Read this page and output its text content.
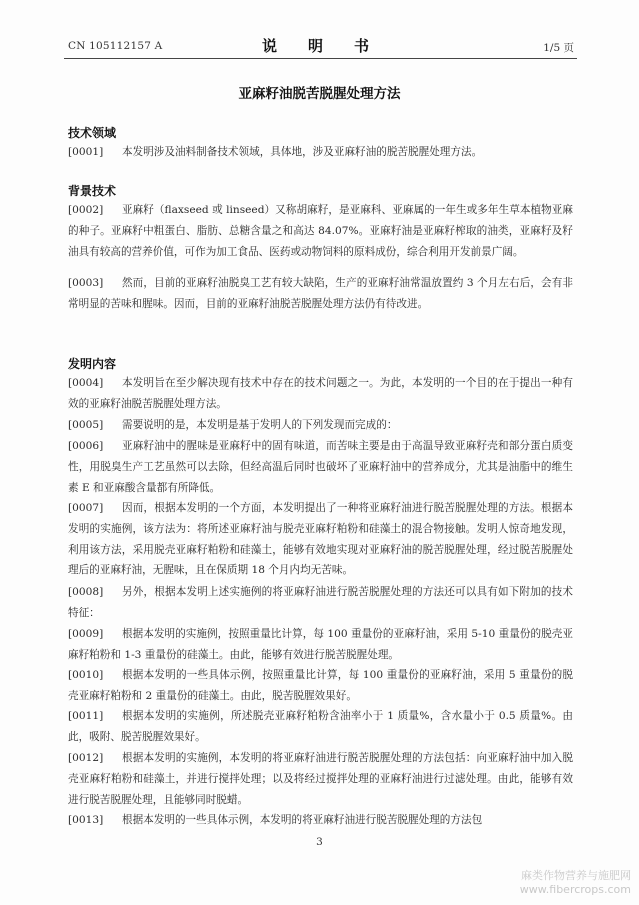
CN 105112157 A	说　明　书	1/5 页
亚麻籽油脱苦脱腥处理方法
技术领域
[0001]	本发明涉及油料制备技术领域，具体地，涉及亚麻籽油的脱苦脱腥处理方法。
背景技术
[0002]	亚麻籽（flaxseed 或 linseed）又称胡麻籽，是亚麻科、亚麻属的一年生或多年生草本植物亚麻的种子。亚麻籽中粗蛋白、脂肪、总糖含量之和高达 84.07%。亚麻籽油是亚麻籽榨取的油类，亚麻籽及籽油具有较高的营养价值，可作为加工食品、医药或动物饲料的原料成份，综合利用开发前景广阔。
[0003]	然而，目前的亚麻籽油脱臭工艺有较大缺陷，生产的亚麻籽油常温放置约 3 个月左右后，会有非常明显的苦味和腥味。因而，目前的亚麻籽油脱苦脱腥处理方法仍有待改进。
发明内容
[0004]	本发明旨在至少解决现有技术中存在的技术问题之一。为此，本发明的一个目的在于提出一种有效的亚麻籽油脱苦脱腥处理方法。
[0005]	需要说明的是，本发明是基于发明人的下列发现而完成的：
[0006]	亚麻籽油中的腥味是亚麻籽中的固有味道，而苦味主要是由于高温导致亚麻籽壳和部分蛋白质变性，用脱臭生产工艺虽然可以去除，但经高温后同时也破坏了亚麻籽油中的营养成分，尤其是油脂中的维生素 E 和亚麻酸含量都有所降低。
[0007]	因而，根据本发明的一个方面，本发明提出了一种将亚麻籽油进行脱苦脱腥处理的方法。根据本发明的实施例，该方法为：将所述亚麻籽油与脱壳亚麻籽粕粉和硅藻土的混合物接触。发明人惊奇地发现，利用该方法，采用脱壳亚麻籽粕粉和硅藻土，能够有效地实现对亚麻籽油的脱苦脱腥处理，经过脱苦脱腥处理后的亚麻籽油，无腥味，且在保质期 18 个月内均无苦味。
[0008]	另外，根据本发明上述实施例的将亚麻籽油进行脱苦脱腥处理的方法还可以具有如下附加的技术特征：
[0009]	根据本发明的实施例，按照重量比计算，每 100 重量份的亚麻籽油，采用 5-10 重量份的脱壳亚麻籽粕粉和 1-3 重量份的硅藻土。由此，能够有效进行脱苦脱腥处理。
[0010]	根据本发明的一些具体示例，按照重量比计算，每 100 重量份的亚麻籽油，采用 5 重量份的脱壳亚麻籽粕粉和 2 重量份的硅藻土。由此，脱苦脱腥效果好。
[0011]	根据本发明的实施例，所述脱壳亚麻籽粕粉含油率小于 1 质量%，含水量小于 0.5 质量%。由此，吸附、脱苦脱腥效果好。
[0012]	根据本发明的实施例，本发明的将亚麻籽油进行脱苦脱腥处理的方法包括：向亚麻籽油中加入脱壳亚麻籽粕粉和硅藻土，并进行搅拌处理；以及将经过搅拌处理的亚麻籽油进行过滤处理。由此，能够有效进行脱苦脱腥处理，且能够同时脱蜡。
[0013]	根据本发明的一些具体示例，本发明的将亚麻籽油进行脱苦脱腥处理的方法包
3
麻类作物营养与施肥网
www.fibercrops.com
